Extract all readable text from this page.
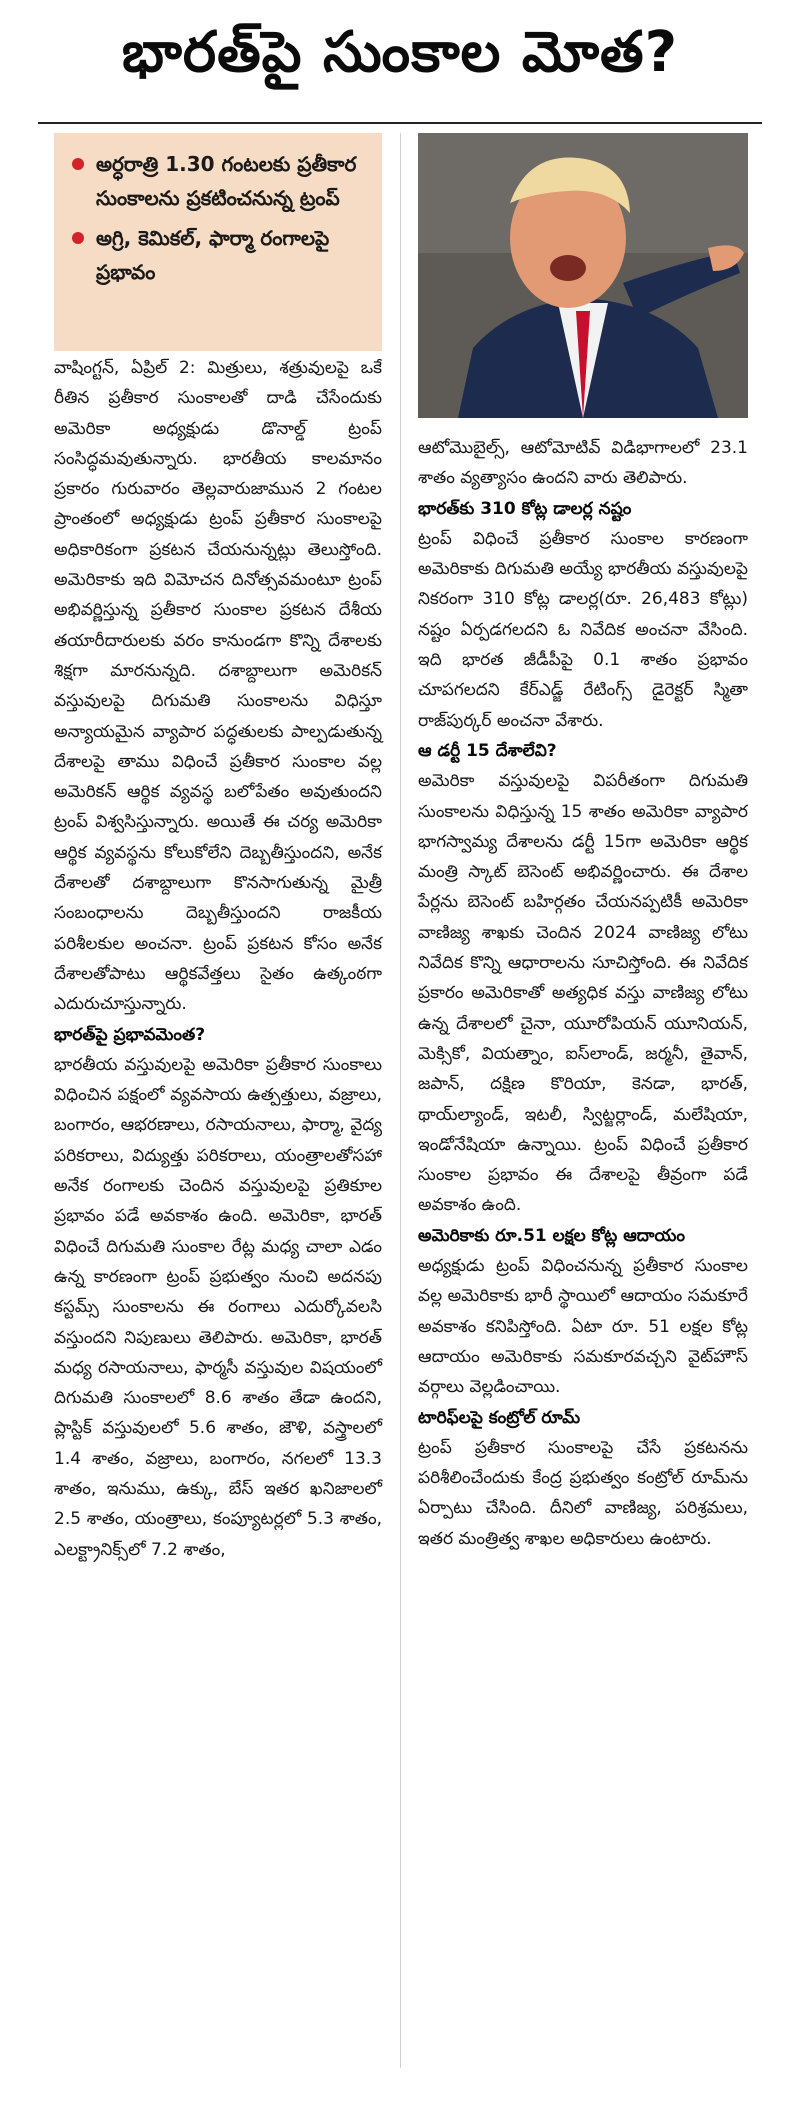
భారత్‌పై సుంకాల మోత?
అర్ధరాత్రి 1.30 గంటలకు ప్రతీకార సుంకాలను ప్రకటించనున్న ట్రంప్
అగ్రి, కెమికల్, ఫార్మా రంగాలపై ప్రభావం

వాషింగ్టన్, ఏప్రిల్ 2: మిత్రులు, శత్రువులపై ఒకే రీతిన ప్రతీకార సుంకాలతో దాడి చేసేందుకు అమెరికా అధ్యక్షుడు డొనాల్డ్ ట్రంప్ సంసిద్ధమవుతున్నారు. భారతీయ కాలమానం ప్రకారం గురువారం తెల్లవారుజామున 2 గంటల ప్రాంతంలో అధ్యక్షుడు ట్రంప్ ప్రతీకార సుంకాలపై అధికారికంగా ప్రకటన చేయనున్నట్లు తెలుస్తోంది. అమెరికాకు ఇది విమోచన దినోత్సవమంటూ ట్రంప్ అభివర్ణిస్తున్న ప్రతీకార సుంకాల ప్రకటన దేశీయ తయారీదారులకు వరం కానుండగా కొన్ని దేశాలకు శిక్షగా మారనున్నది. దశాబ్దాలుగా అమెరికన్ వస్తువులపై దిగుమతి సుంకాలను విధిస్తూ అన్యాయమైన వ్యాపార పద్ధతులకు పాల్పడుతున్న దేశాలపై తాము విధించే ప్రతీకార సుంకాల వల్ల అమెరికన్ ఆర్థిక వ్యవస్థ బలోపేతం అవుతుందని ట్రంప్ విశ్వసిస్తున్నారు. అయితే ఈ చర్య అమెరికా ఆర్థిక వ్యవస్థను కోలుకోలేని దెబ్బతీస్తుందని, అనేక దేశాలతో దశాబ్దాలుగా కొనసాగుతున్న మైత్రీ సంబంధాలను దెబ్బతీస్తుందని రాజకీయ పరిశీలకుల అంచనా. ట్రంప్ ప్రకటన కోసం అనేక దేశాలతోపాటు ఆర్థికవేత్తలు సైతం ఉత్కంఠగా ఎదురుచూస్తున్నారు.

భారత్‌పై ప్రభావమెంత?

భారతీయ వస్తువులపై అమెరికా ప్రతీకార సుంకాలు విధించిన పక్షంలో వ్యవసాయ ఉత్పత్తులు, వజ్రాలు, బంగారం, ఆభరణాలు, రసాయనాలు, ఫార్మా, వైద్య పరికరాలు, విద్యుత్తు పరికరాలు, యంత్రాలతోసహా అనేక రంగాలకు చెందిన వస్తువులపై ప్రతికూల ప్రభావం పడే అవకాశం ఉంది. అమెరికా, భారత్ విధించే దిగుమతి సుంకాల రేట్ల మధ్య చాలా ఎడం ఉన్న కారణంగా ట్రంప్ ప్రభుత్వం నుంచి అదనపు కస్టమ్స్ సుంకాలను ఈ రంగాలు ఎదుర్కోవలసి వస్తుందని నిపుణులు తెలిపారు. అమెరికా, భారత్ మధ్య రసాయనాలు, ఫార్మసీ వస్తువుల విషయంలో దిగుమతి సుంకాలలో 8.6 శాతం తేడా ఉందని, ప్లాస్టిక్ వస్తువులలో 5.6 శాతం, జౌళి, వస్త్రాలలో 1.4 శాతం, వజ్రాలు, బంగారం, నగలలో 13.3 శాతం, ఇనుము, ఉక్కు, బేస్ ఇతర ఖనిజాలలో 2.5 శాతం, యంత్రాలు, కంప్యూటర్లలో 5.3 శాతం, ఎలక్ట్రానిక్స్‌లో 7.2 శాతం,

ఆటోమొబైల్స్, ఆటోమోటివ్ విడిభాగాలలో 23.1 శాతం వ్యత్యాసం ఉందని వారు తెలిపారు.

భారత్‌కు 310 కోట్ల డాలర్ల నష్టం

ట్రంప్ విధించే ప్రతీకార సుంకాల కారణంగా అమెరికాకు దిగుమతి అయ్యే భారతీయ వస్తువులపై నికరంగా 310 కోట్ల డాలర్ల(రూ. 26,483 కోట్లు) నష్టం ఏర్పడగలదని ఓ నివేదిక అంచనా వేసింది. ఇది భారత జీడీపీపై 0.1 శాతం ప్రభావం చూపగలదని కేర్‌ఎడ్జ్ రేటింగ్స్ డైరెక్టర్ స్మితా రాజ్‌పుర్కర్ అంచనా వేశారు.

ఆ డర్టీ 15 దేశాలేవి?

అమెరికా వస్తువులపై విపరీతంగా దిగుమతి సుంకాలను విధిస్తున్న 15 శాతం అమెరికా వ్యాపార భాగస్వామ్య దేశాలను డర్టీ 15గా అమెరికా ఆర్థిక మంత్రి స్కాట్ బెసెంట్ అభివర్ణించారు. ఈ దేశాల పేర్లను బెసెంట్ బహిర్గతం చేయనప్పటికీ అమెరికా వాణిజ్య శాఖకు చెందిన 2024 వాణిజ్య లోటు నివేదిక కొన్ని ఆధారాలను సూచిస్తోంది. ఈ నివేదిక ప్రకారం అమెరికాతో అత్యధిక వస్తు వాణిజ్య లోటు ఉన్న దేశాలలో చైనా, యూరోపియన్ యూనియన్, మెక్సికో, వియత్నాం, ఐస్‌లాండ్, జర్మనీ, తైవాన్, జపాన్, దక్షిణ కొరియా, కెనడా, భారత్, థాయ్‌ల్యాండ్, ఇటలీ, స్విట్జర్లాండ్, మలేషియా, ఇండోనేషియా ఉన్నాయి. ట్రంప్ విధించే ప్రతీకార సుంకాల ప్రభావం ఈ దేశాలపై తీవ్రంగా పడే అవకాశం ఉంది.

అమెరికాకు రూ.51 లక్షల కోట్ల ఆదాయం

అధ్యక్షుడు ట్రంప్ విధించనున్న ప్రతీకార సుంకాల వల్ల అమెరికాకు భారీ స్థాయిలో ఆదాయం సమకూరే అవకాశం కనిపిస్తోంది. ఏటా రూ. 51 లక్షల కోట్ల ఆదాయం అమెరికాకు సమకూరవచ్చని వైట్‌హౌస్ వర్గాలు వెల్లడించాయి.

టారిఫ్‌లపై కంట్రోల్ రూమ్

ట్రంప్ ప్రతీకార సుంకాలపై చేసే ప్రకటనను పరిశీలించేందుకు కేంద్ర ప్రభుత్వం కంట్రోల్ రూమ్‌ను ఏర్పాటు చేసింది. దీనిలో వాణిజ్య, పరిశ్రమలు, ఇతర మంత్రిత్వ శాఖల అధికారులు ఉంటారు.
